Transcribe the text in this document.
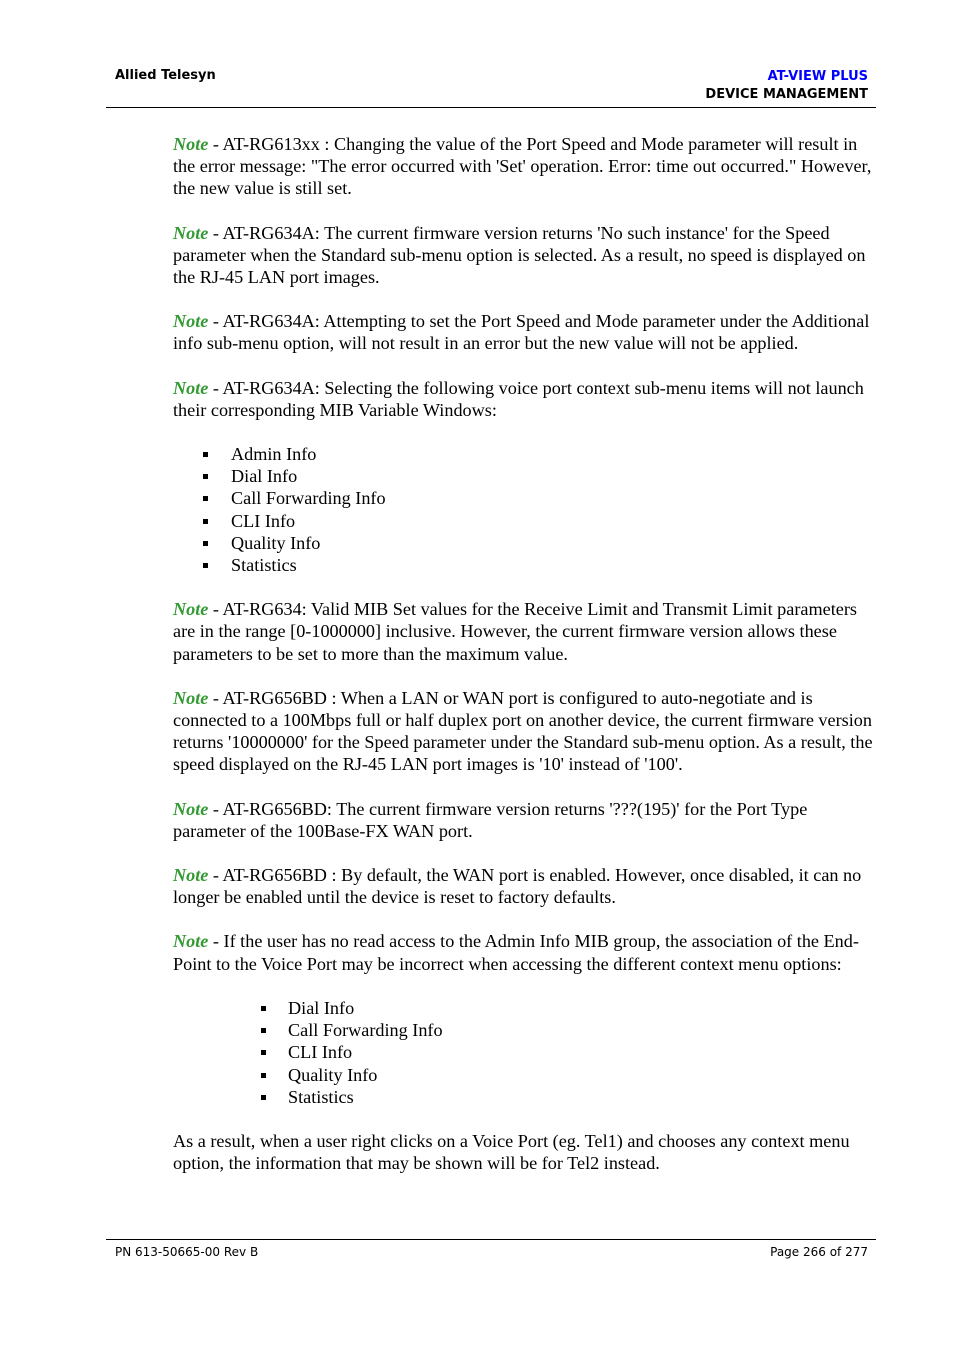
Allied Telesyn	AT-VIEW PLUS
DEVICE MANAGEMENT

Note - AT-RG613xx : Changing the value of the Port Speed and Mode parameter will result in the error message: "The error occurred with 'Set' operation. Error: time out occurred." However, the new value is still set.

Note - AT-RG634A: The current firmware version returns 'No such instance' for the Speed parameter when the Standard sub-menu option is selected. As a result, no speed is displayed on the RJ-45 LAN port images.

Note - AT-RG634A: Attempting to set the Port Speed and Mode parameter under the Additional info sub-menu option, will not result in an error but the new value will not be applied.

Note - AT-RG634A: Selecting the following voice port context sub-menu items will not launch their corresponding MIB Variable Windows:

Admin Info
Dial Info
Call Forwarding Info
CLI Info
Quality Info
Statistics

Note - AT-RG634: Valid MIB Set values for the Receive Limit and Transmit Limit parameters are in the range [0-1000000] inclusive. However, the current firmware version allows these parameters to be set to more than the maximum value.

Note - AT-RG656BD : When a LAN or WAN port is configured to auto-negotiate and is connected to a 100Mbps full or half duplex port on another device, the current firmware version returns '10000000' for the Speed parameter under the Standard sub-menu option. As a result, the speed displayed on the RJ-45 LAN port images is '10' instead of '100'.

Note - AT-RG656BD: The current firmware version returns '???(195)' for the Port Type parameter of the 100Base-FX WAN port.

Note - AT-RG656BD : By default, the WAN port is enabled. However, once disabled, it can no longer be enabled until the device is reset to factory defaults.

Note - If the user has no read access to the Admin Info MIB group, the association of the End-Point to the Voice Port may be incorrect when accessing the different context menu options:

Dial Info
Call Forwarding Info
CLI Info
Quality Info
Statistics

As a result, when a user right clicks on a Voice Port (eg. Tel1) and chooses any context menu option, the information that may be shown will be for Tel2 instead.

PN 613-50665-00 Rev B	Page 266 of 277
